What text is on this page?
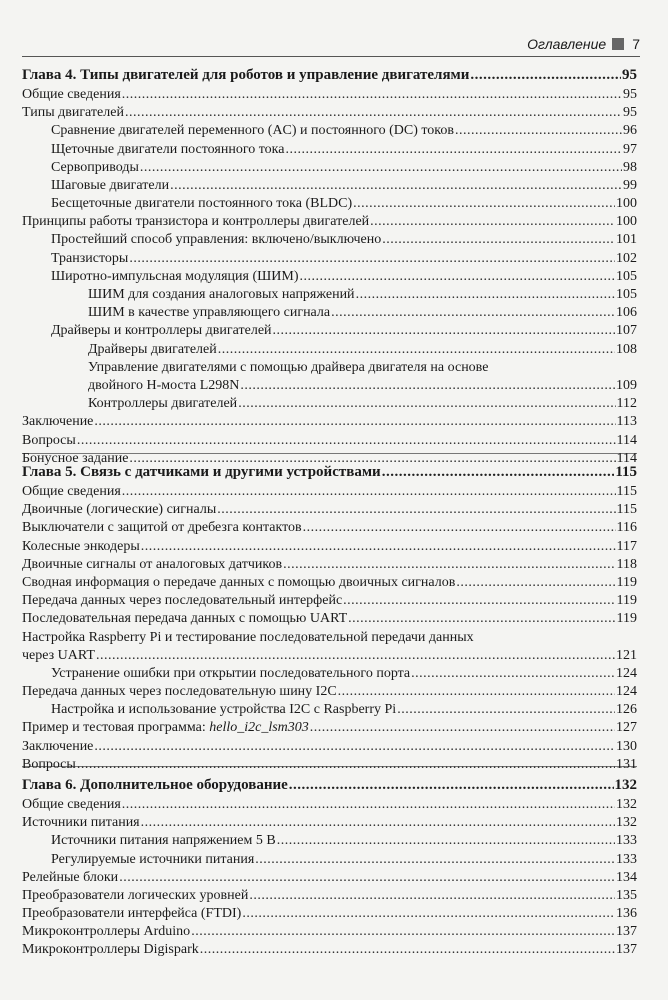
Оглавление 7
Глава 4. Типы двигателей для роботов и управление двигателями .....	95
Общие сведения .....	95
Типы двигателей .....	95
Сравнение двигателей переменного (AC) и постоянного (DC) токов .....	96
Щеточные двигатели постоянного тока .....	97
Сервоприводы .....	98
Шаговые двигатели .....	99
Бесщеточные двигатели постоянного тока (BLDC) .....	100
Принципы работы транзистора и контроллеры двигателей .....	100
Простейший способ управления: включено/выключено .....	101
Транзисторы .....	102
Широтно-импульсная модуляция (ШИМ) .....	105
ШИМ для создания аналоговых напряжений .....	105
ШИМ в качестве управляющего сигнала .....	106
Драйверы и контроллеры двигателей .....	107
Драйверы двигателей .....	108
Управление двигателями с помощью драйвера двигателя на основе
двойного H-моста L298N .....	109
Контроллеры двигателей .....	112
Заключение .....	113
Вопросы .....	114
Бонусное задание .....	114
Глава 5. Связь с датчиками и другими устройствами .....	115
Общие сведения .....	115
Двоичные (логические) сигналы .....	115
Выключатели с защитой от дребезга контактов .....	116
Колесные энкодеры .....	117
Двоичные сигналы от аналоговых датчиков .....	118
Сводная информация о передаче данных с помощью двоичных сигналов .....	119
Передача данных через последовательный интерфейс .....	119
Последовательная передача данных с помощью UART .....	119
Настройка Raspberry Pi и тестирование последовательной передачи данных
через UART .....	121
Устранение ошибки при открытии последовательного порта .....	124
Передача данных через последовательную шину I2C .....	124
Настройка и использование устройства I2C с Raspberry Pi .....	126
Пример и тестовая программа: hello_i2c_lsm303 .....	127
Заключение .....	130
Вопросы .....	131
Глава 6. Дополнительное оборудование .....	132
Общие сведения .....	132
Источники питания .....	132
Источники питания напряжением 5 В .....	133
Регулируемые источники питания .....	133
Релейные блоки .....	134
Преобразователи логических уровней .....	135
Преобразователи интерфейса (FTDI) .....	136
Микроконтроллеры Arduino .....	137
Микроконтроллеры Digispark .....	137
